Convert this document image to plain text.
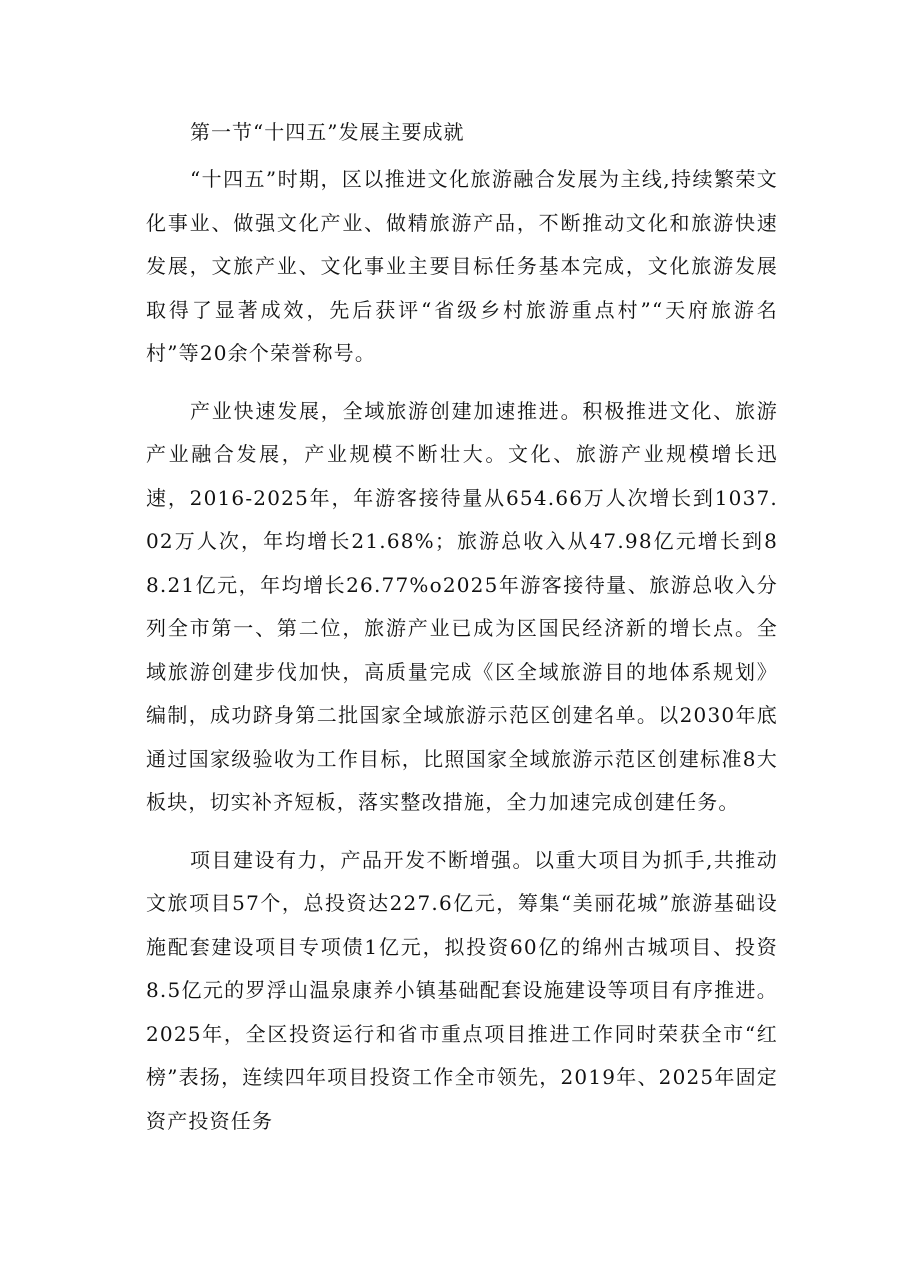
第一节“十四五”发展主要成就

“十四五”时期，区以推进文化旅游融合发展为主线,持续繁荣文化事业、做强文化产业、做精旅游产品，不断推动文化和旅游快速发展，文旅产业、文化事业主要目标任务基本完成，文化旅游发展取得了显著成效，先后获评“省级乡村旅游重点村”“天府旅游名村”等20余个荣誉称号。

产业快速发展，全域旅游创建加速推进。积极推进文化、旅游产业融合发展，产业规模不断壮大。文化、旅游产业规模增长迅速，2016-2025年，年游客接待量从654.66万人次增长到1037.02万人次，年均增长21.68%；旅游总收入从47.98亿元增长到88.21亿元，年均增长26.77%o2025年游客接待量、旅游总收入分列全市第一、第二位，旅游产业已成为区国民经济新的增长点。全域旅游创建步伐加快，高质量完成《区全域旅游目的地体系规划》编制，成功跻身第二批国家全域旅游示范区创建名单。以2030年底通过国家级验收为工作目标，比照国家全域旅游示范区创建标准8大板块，切实补齐短板，落实整改措施，全力加速完成创建任务。

项目建设有力，产品开发不断增强。以重大项目为抓手,共推动文旅项目57个，总投资达227.6亿元，筹集“美丽花城”旅游基础设施配套建设项目专项债1亿元，拟投资60亿的绵州古城项目、投资8.5亿元的罗浮山温泉康养小镇基础配套设施建设等项目有序推进。2025年，全区投资运行和省市重点项目推进工作同时荣获全市“红榜”表扬，连续四年项目投资工作全市领先，2019年、2025年固定资产投资任务
